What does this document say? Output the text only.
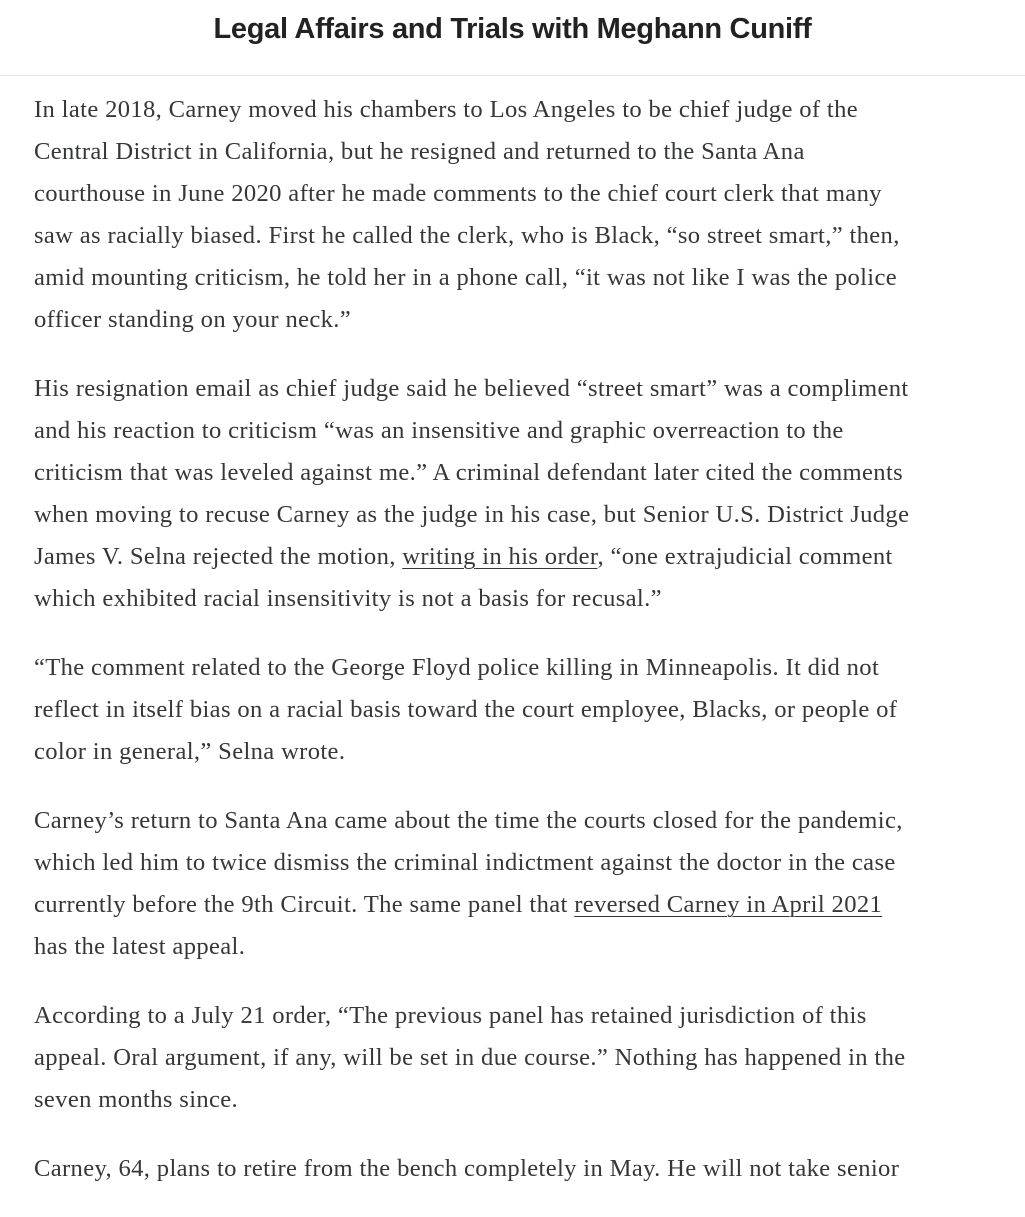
Legal Affairs and Trials with Meghann Cuniff

In late 2018, Carney moved his chambers to Los Angeles to be chief judge of the
Central District in California, but he resigned and returned to the Santa Ana
courthouse in June 2020 after he made comments to the chief court clerk that many
saw as racially biased. First he called the clerk, who is Black, “so street smart,” then,
amid mounting criticism, he told her in a phone call, “it was not like I was the police
officer standing on your neck.”

His resignation email as chief judge said he believed “street smart” was a compliment
and his reaction to criticism “was an insensitive and graphic overreaction to the
criticism that was leveled against me.” A criminal defendant later cited the comments
when moving to recuse Carney as the judge in his case, but Senior U.S. District Judge
James V. Selna rejected the motion, writing in his order, “one extrajudicial comment
which exhibited racial insensitivity is not a basis for recusal.”

“The comment related to the George Floyd police killing in Minneapolis. It did not
reflect in itself bias on a racial basis toward the court employee, Blacks, or people of
color in general,” Selna wrote.

Carney’s return to Santa Ana came about the time the courts closed for the pandemic,
which led him to twice dismiss the criminal indictment against the doctor in the case
currently before the 9th Circuit. The same panel that reversed Carney in April 2021
has the latest appeal.

According to a July 21 order, “The previous panel has retained jurisdiction of this
appeal. Oral argument, if any, will be set in due course.” Nothing has happened in the
seven months since.

Carney, 64, plans to retire from the bench completely in May. He will not take senior
